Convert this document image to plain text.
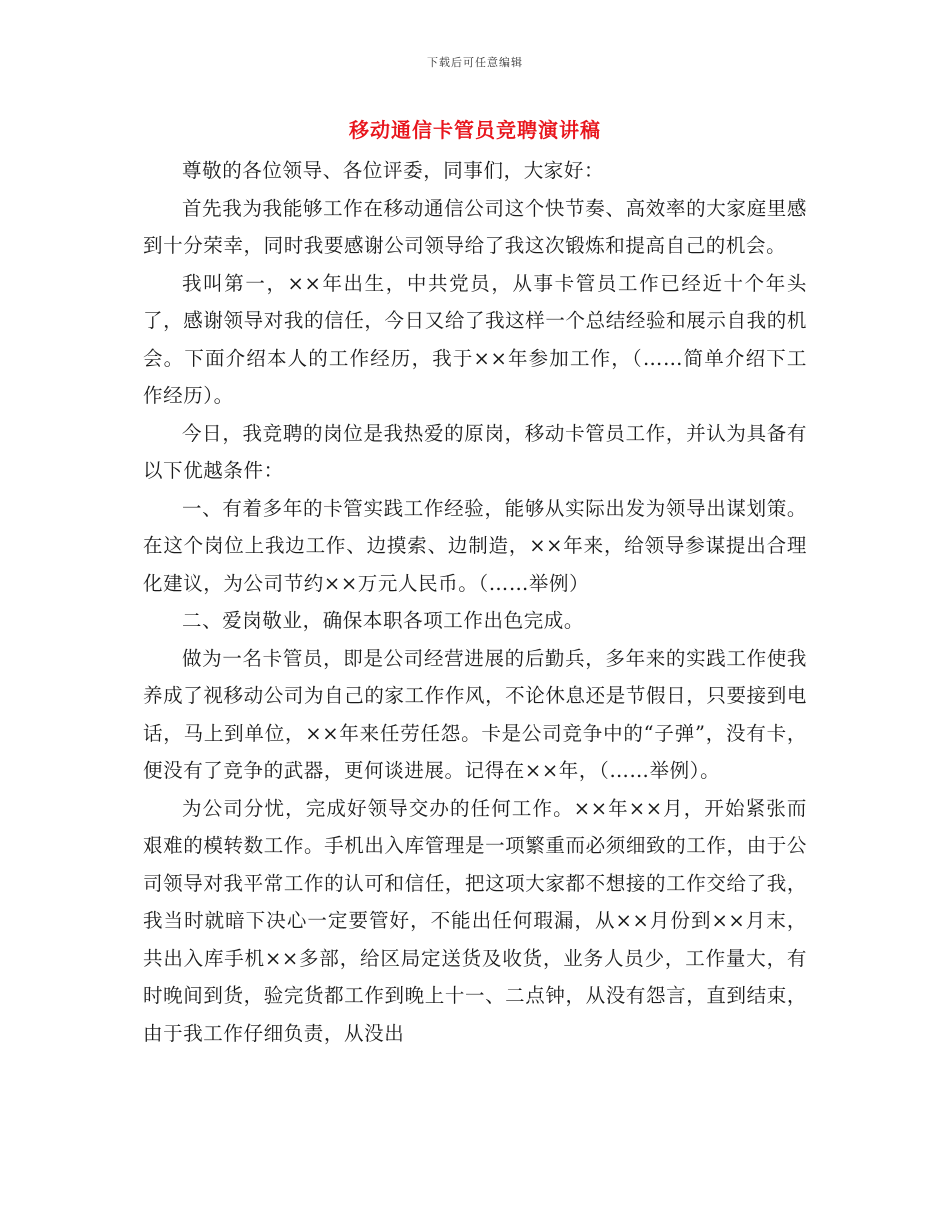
下载后可任意编辑
移动通信卡管员竞聘演讲稿

尊敬的各位领导、各位评委，同事们，大家好：

首先我为我能够工作在移动通信公司这个快节奏、高效率的大家庭里感到十分荣幸，同时我要感谢公司领导给了我这次锻炼和提高自己的机会。

我叫第一，××年出生，中共党员，从事卡管员工作已经近十个年头了，感谢领导对我的信任，今日又给了我这样一个总结经验和展示自我的机会。下面介绍本人的工作经历，我于××年参加工作，（……简单介绍下工作经历）。

今日，我竞聘的岗位是我热爱的原岗，移动卡管员工作，并认为具备有以下优越条件：

一、有着多年的卡管实践工作经验，能够从实际出发为领导出谋划策。在这个岗位上我边工作、边摸索、边制造，××年来，给领导参谋提出合理化建议，为公司节约××万元人民币。（……举例）

二、爱岗敬业，确保本职各项工作出色完成。

做为一名卡管员，即是公司经营进展的后勤兵，多年来的实践工作使我养成了视移动公司为自己的家工作作风，不论休息还是节假日，只要接到电话，马上到单位，××年来任劳任怨。卡是公司竞争中的“子弹”，没有卡，便没有了竞争的武器，更何谈进展。记得在××年，（……举例）。

为公司分忧，完成好领导交办的任何工作。××年××月，开始紧张而艰难的模转数工作。手机出入库管理是一项繁重而必须细致的工作，由于公司领导对我平常工作的认可和信任，把这项大家都不想接的工作交给了我，我当时就暗下决心一定要管好，不能出任何瑕漏，从××月份到××月末，共出入库手机××多部，给区局定送货及收货，业务人员少，工作量大，有时晚间到货，验完货都工作到晚上十一、二点钟，从没有怨言，直到结束，由于我工作仔细负责，从没出
